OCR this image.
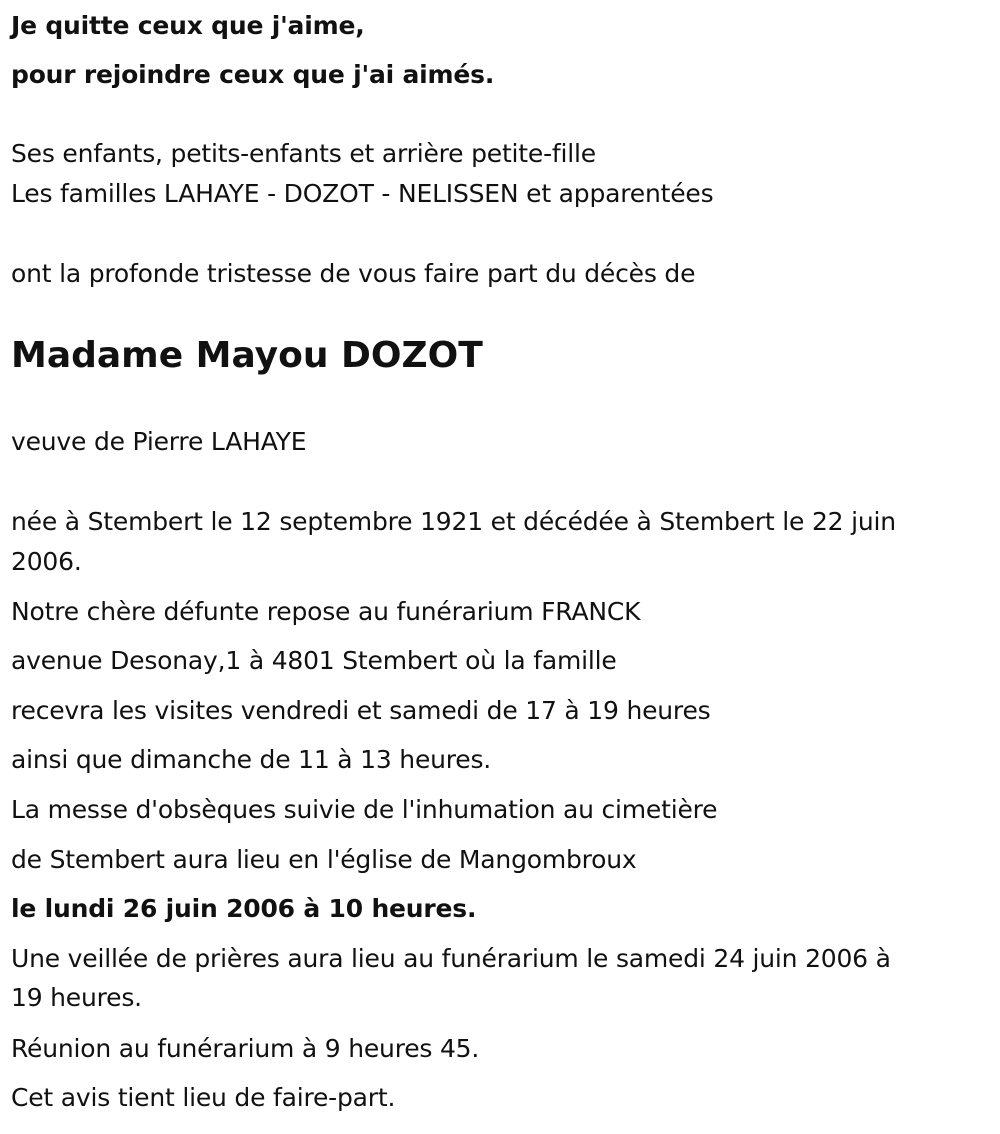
Je quitte ceux que j'aime,
pour rejoindre ceux que j'ai aimés.
Ses enfants, petits-enfants et arrière petite-fille
Les familles LAHAYE - DOZOT - NELISSEN et apparentées
ont la profonde tristesse de vous faire part du décès de
Madame Mayou DOZOT
veuve de Pierre LAHAYE
née à Stembert le 12 septembre 1921 et décédée à Stembert le 22 juin
2006.
Notre chère défunte repose au funérarium FRANCK
avenue Desonay,1 à 4801 Stembert où la famille
recevra les visites vendredi et samedi de 17 à 19 heures
ainsi que dimanche de 11 à 13 heures.
La messe d'obsèques suivie de l'inhumation au cimetière
de Stembert aura lieu en l'église de Mangombroux
le lundi 26 juin 2006 à 10 heures.
Une veillée de prières aura lieu au funérarium le samedi 24 juin 2006 à
19 heures.
Réunion au funérarium à 9 heures 45.
Cet avis tient lieu de faire-part.
